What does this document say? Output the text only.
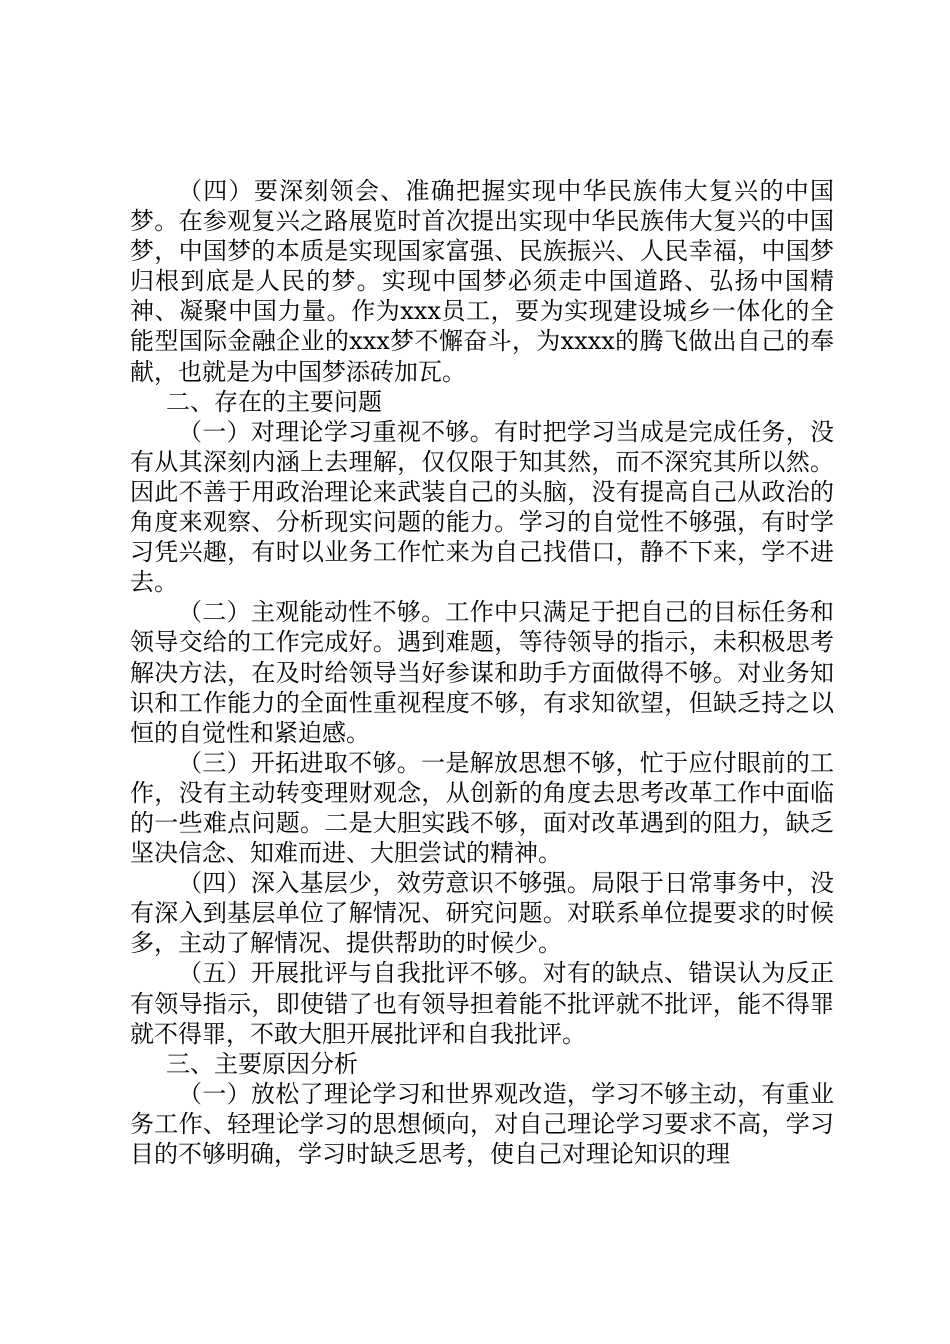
（四）要深刻领会、准确把握实现中华民族伟大复兴的中国梦。在参观复兴之路展览时首次提出实现中华民族伟大复兴的中国梦，中国梦的本质是实现国家富强、民族振兴、人民幸福，中国梦归根到底是人民的梦。实现中国梦必须走中国道路、弘扬中国精神、凝聚中国力量。作为xxx员工，要为实现建设城乡一体化的全能型国际金融企业的xxx梦不懈奋斗，为xxxx的腾飞做出自己的奉献，也就是为中国梦添砖加瓦。

二、存在的主要问题

（一）对理论学习重视不够。有时把学习当成是完成任务，没有从其深刻内涵上去理解，仅仅限于知其然，而不深究其所以然。因此不善于用政治理论来武装自己的头脑，没有提高自己从政治的角度来观察、分析现实问题的能力。学习的自觉性不够强，有时学习凭兴趣，有时以业务工作忙来为自己找借口，静不下来，学不进去。

（二）主观能动性不够。工作中只满足于把自己的目标任务和领导交给的工作完成好。遇到难题，等待领导的指示，未积极思考解决方法，在及时给领导当好参谋和助手方面做得不够。对业务知识和工作能力的全面性重视程度不够，有求知欲望，但缺乏持之以恒的自觉性和紧迫感。

（三）开拓进取不够。一是解放思想不够，忙于应付眼前的工作，没有主动转变理财观念，从创新的角度去思考改革工作中面临的一些难点问题。二是大胆实践不够，面对改革遇到的阻力，缺乏坚决信念、知难而进、大胆尝试的精神。

（四）深入基层少，效劳意识不够强。局限于日常事务中，没有深入到基层单位了解情况、研究问题。对联系单位提要求的时候多，主动了解情况、提供帮助的时候少。

（五）开展批评与自我批评不够。对有的缺点、错误认为反正有领导指示，即使错了也有领导担着能不批评就不批评，能不得罪就不得罪，不敢大胆开展批评和自我批评。

三、主要原因分析

（一）放松了理论学习和世界观改造，学习不够主动，有重业务工作、轻理论学习的思想倾向，对自己理论学习要求不高，学习目的不够明确，学习时缺乏思考，使自己对理论知识的理
